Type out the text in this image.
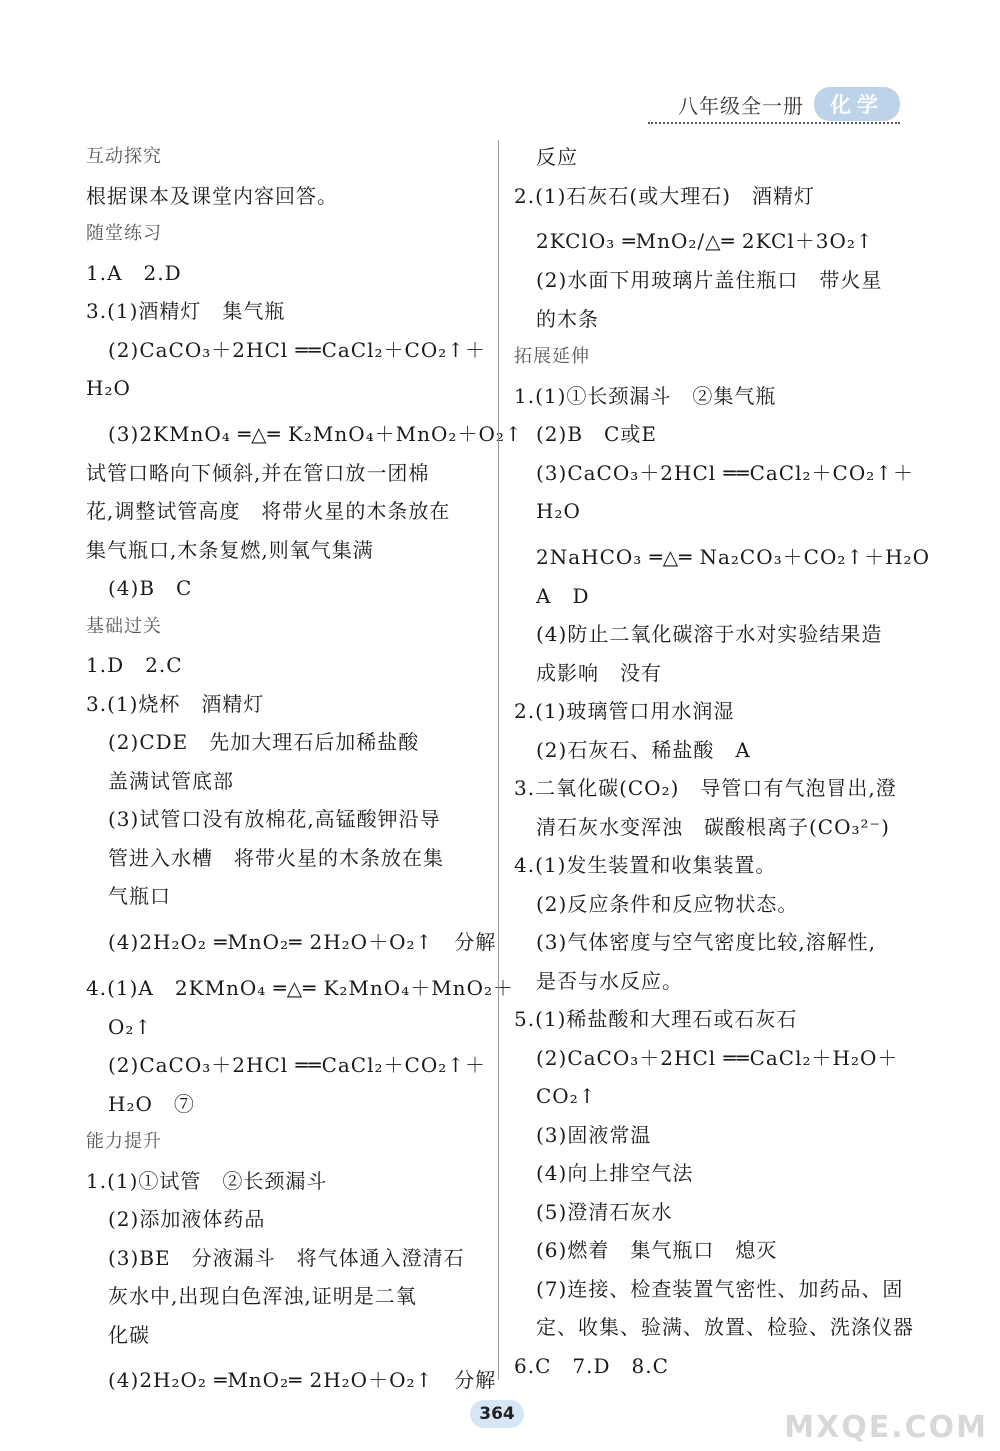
八年级全一册	化学
互动探究
根据课本及课堂内容回答。
随堂练习
1.A　2.D
3.(1)酒精灯　集气瓶
(2)CaCO₃＋2HCl ══CaCl₂＋CO₂↑＋
H₂O
(3)2KMnO₄ ═△═ K₂MnO₄＋MnO₂＋O₂↑
试管口略向下倾斜,并在管口放一团棉
花,调整试管高度　将带火星的木条放在
集气瓶口,木条复燃,则氧气集满
(4)B　C
基础过关
1.D　2.C
3.(1)烧杯　酒精灯
(2)CDE　先加大理石后加稀盐酸
盖满试管底部
(3)试管口没有放棉花,高锰酸钾沿导
管进入水槽　将带火星的木条放在集
气瓶口
(4)2H₂O₂ ═MnO₂═ 2H₂O＋O₂↑　分解
4.(1)A　2KMnO₄ ═△═ K₂MnO₄＋MnO₂＋
O₂↑
(2)CaCO₃＋2HCl ══CaCl₂＋CO₂↑＋
H₂O　⑦
能力提升
1.(1)①试管　②长颈漏斗
(2)添加液体药品
(3)BE　分液漏斗　将气体通入澄清石
灰水中,出现白色浑浊,证明是二氧
化碳
(4)2H₂O₂ ═MnO₂═ 2H₂O＋O₂↑　分解
反应
2.(1)石灰石(或大理石)　酒精灯
2KClO₃ ═MnO₂/△═ 2KCl＋3O₂↑
(2)水面下用玻璃片盖住瓶口　带火星
的木条
拓展延伸
1.(1)①长颈漏斗　②集气瓶
(2)B　C或E
(3)CaCO₃＋2HCl ══CaCl₂＋CO₂↑＋
H₂O
2NaHCO₃ ═△═ Na₂CO₃＋CO₂↑＋H₂O
A　D
(4)防止二氧化碳溶于水对实验结果造
成影响　没有
2.(1)玻璃管口用水润湿
(2)石灰石、稀盐酸　A
3.二氧化碳(CO₂)　导管口有气泡冒出,澄
清石灰水变浑浊　碳酸根离子(CO₃²⁻)
4.(1)发生装置和收集装置。
(2)反应条件和反应物状态。
(3)气体密度与空气密度比较,溶解性,
是否与水反应。
5.(1)稀盐酸和大理石或石灰石
(2)CaCO₃＋2HCl ══CaCl₂＋H₂O＋
CO₂↑
(3)固液常温
(4)向上排空气法
(5)澄清石灰水
(6)燃着　集气瓶口　熄灭
(7)连接、检查装置气密性、加药品、固
定、收集、验满、放置、检验、洗涤仪器
6.C　7.D　8.C
364	MXQE.COM
